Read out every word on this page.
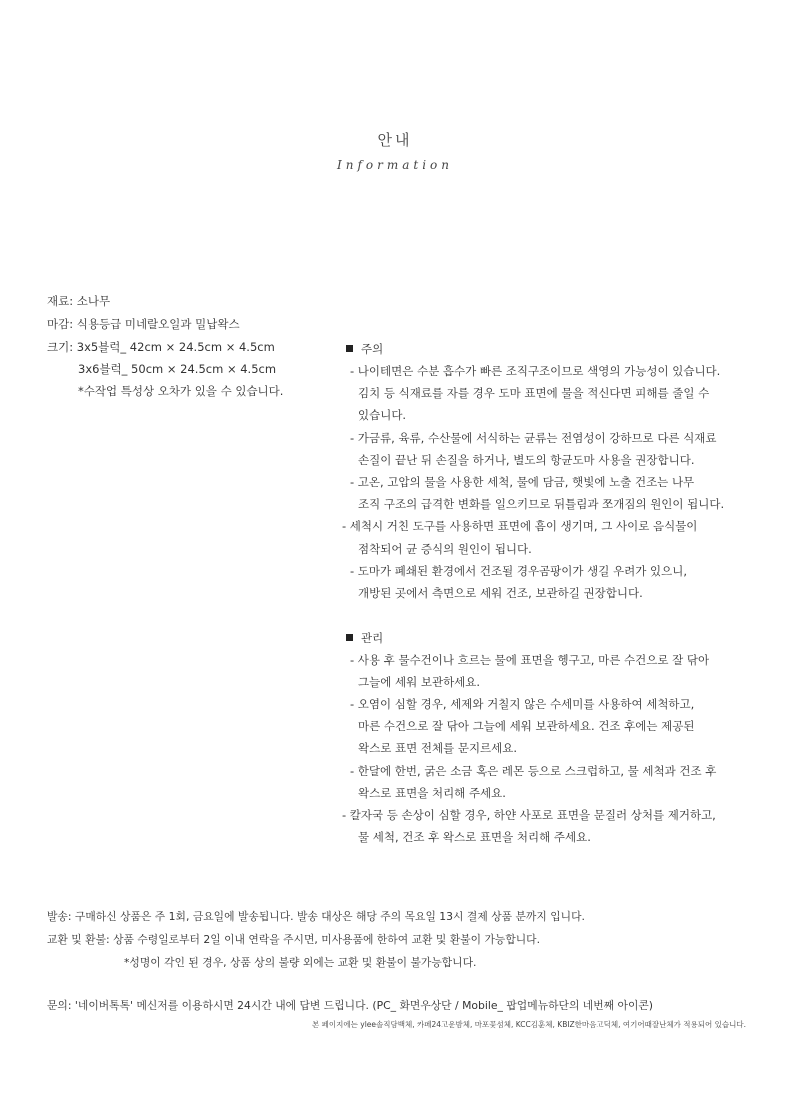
안내
Information
재료: 소나무
마감: 식용등급 미네랄오일과 밀납왁스
크기: 3x5블럭_ 42cm × 24.5cm × 4.5cm
3x6블럭_ 50cm × 24.5cm × 4.5cm
*수작업 특성상 오차가 있을 수 있습니다.
주의
- 나이테면은 수분 흡수가 빠른 조직구조이므로 색영의 가능성이 있습니다.
김치 등 식재료를 자를 경우 도마 표면에 물을 적신다면 피해를 줄일 수
있습니다.
- 가금류, 육류, 수산물에 서식하는 균류는 전염성이 강하므로 다른 식재료
손질이 끝난 뒤 손질을 하거나, 별도의 항균도마 사용을 권장합니다.
- 고온, 고압의 물을 사용한 세척, 물에 담금, 햇빛에 노출 건조는 나무
조직 구조의 급격한 변화를 일으키므로 뒤틀림과 쪼개짐의 원인이 됩니다.
- 세척시 거친 도구를 사용하면 표면에 흠이 생기며, 그 사이로 음식물이
점착되어 균 증식의 원인이 됩니다.
- 도마가 폐쇄된 환경에서 건조될 경우곰팡이가 생길 우려가 있으니,
개방된 곳에서 측면으로 세워 건조, 보관하길 권장합니다.
관리
- 사용 후 물수건이나 흐르는 물에 표면을 헹구고, 마른 수건으로 잘 닦아
그늘에 세워 보관하세요.
- 오염이 심할 경우, 세제와 거칠지 않은 수세미를 사용하여 세척하고,
마른 수건으로 잘 닦아 그늘에 세워 보관하세요. 건조 후에는 제공된
왁스로 표면 전체를 문지르세요.
- 한달에 한번, 굵은 소금 혹은 레몬 등으로 스크럽하고, 물 세척과 건조 후
왁스로 표면을 처리해 주세요.
- 칼자국 등 손상이 심할 경우, 하얀 사포로 표면을 문질러 상처를 제거하고,
물 세척, 건조 후 왁스로 표면을 처리해 주세요.
발송: 구매하신 상품은 주 1회, 금요일에 발송됩니다. 발송 대상은 해당 주의 목요일 13시 결제 상품 분까지 입니다.
교환 및 환불: 상품 수령일로부터 2일 이내 연락을 주시면, 미사용품에 한하여 교환 및 환불이 가능합니다.
*성명이 각인 된 경우, 상품 상의 불량 외에는 교환 및 환불이 불가능합니다.
문의: '네이버톡톡' 메신저를 이용하시면 24시간 내에 답변 드립니다. (PC_ 화면우상단 / Mobile_ 팝업메뉴하단의 네번째 아이콘)
본 페이지에는 ylee솔직담백체, 카페24고운밤체, 마포꽃섬체, KCC김훈체, KBIZ한마음고딕체, 여기어때잘난체가 적용되어 있습니다.
